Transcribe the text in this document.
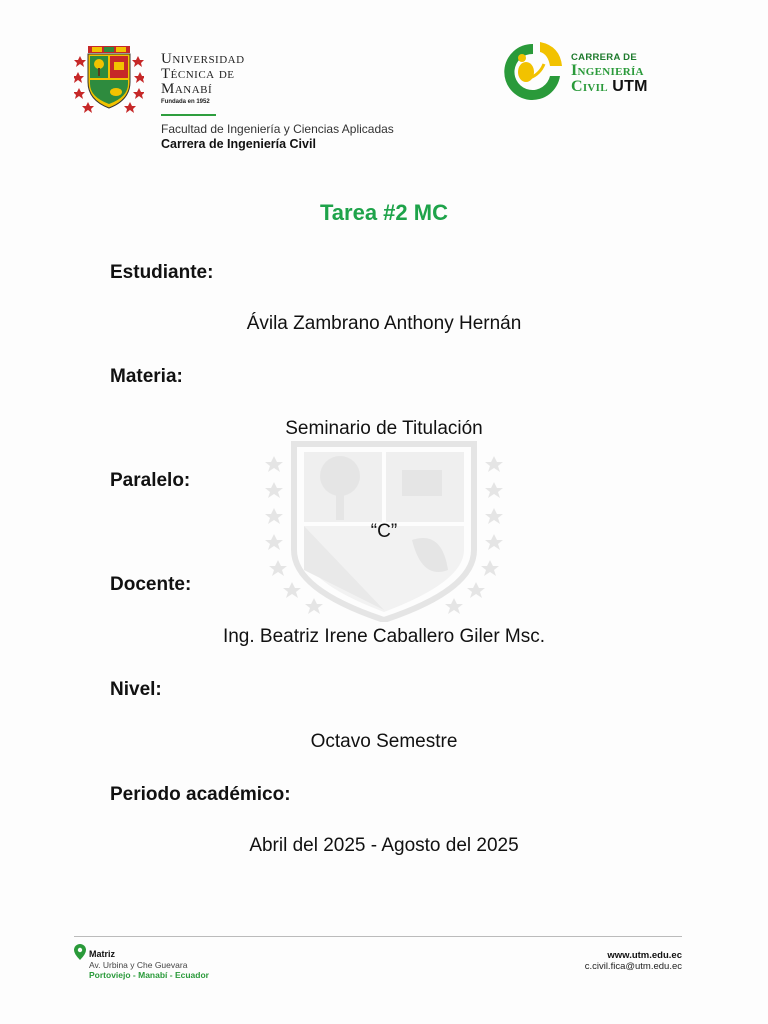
Universidad
Técnica de
Manabí
Fundada en 1952
Facultad de Ingeniería y Ciencias Aplicadas
Carrera de Ingeniería Civil
CARRERA DE
Ingeniería
Civil UTM
Tarea #2 MC
Estudiante:
Ávila Zambrano Anthony Hernán
Materia:
Seminario de Titulación
Paralelo:
“C”
Docente:
Ing. Beatriz Irene Caballero Giler Msc.
Nivel:
Octavo Semestre
Periodo académico:
Abril del 2025 - Agosto del 2025
Matriz
Av. Urbina y Che Guevara
Portoviejo - Manabí - Ecuador
www.utm.edu.ec
c.civil.fica@utm.edu.ec
